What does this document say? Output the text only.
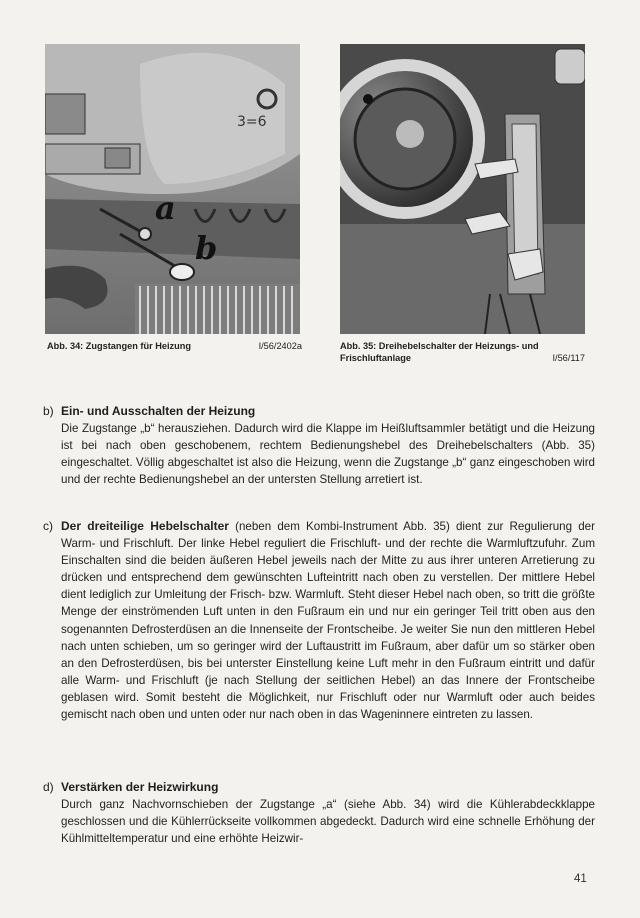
3=6
a
b
Abb. 34: Zugstangen für Heizung	I/56/2402a	Abb. 35: Dreihebelschalter der Heizungs- und Frischluftanlage	I/56/117
b) Ein- und Ausschalten der Heizung
Die Zugstange „b“ herausziehen. Dadurch wird die Klappe im Heißluftsammler betätigt und die Heizung ist bei nach oben geschobenem, rechtem Bedienungshebel des Dreihebelschalters (Abb. 35) eingeschaltet. Völlig abgeschaltet ist also die Heizung, wenn die Zugstange „b“ ganz eingeschoben wird und der rechte Bedienungshebel an der untersten Stellung arretiert ist.
c) Der dreiteilige Hebelschalter (neben dem Kombi-Instrument Abb. 35) dient zur Regulierung der Warm- und Frischluft. Der linke Hebel reguliert die Frischluft- und der rechte die Warmluftzufuhr. Zum Einschalten sind die beiden äußeren Hebel jeweils nach der Mitte zu aus ihrer unteren Arretierung zu drücken und entsprechend dem gewünschten Lufteintritt nach oben zu verstellen. Der mittlere Hebel dient lediglich zur Umleitung der Frisch- bzw. Warmluft. Steht dieser Hebel nach oben, so tritt die größte Menge der einströmenden Luft unten in den Fußraum ein und nur ein geringer Teil tritt oben aus den sogenannten Defrosterdüsen an die Innenseite der Frontscheibe. Je weiter Sie nun den mittleren Hebel nach unten schieben, um so geringer wird der Luftaustritt im Fußraum, aber dafür um so stärker oben an den Defrosterdüsen, bis bei unterster Einstellung keine Luft mehr in den Fußraum eintritt und dafür alle Warm- und Frischluft (je nach Stellung der seitlichen Hebel) an das Innere der Frontscheibe geblasen wird. Somit besteht die Möglichkeit, nur Frischluft oder nur Warmluft oder auch beides gemischt nach oben und unten oder nur nach oben in das Wageninnere eintreten zu lassen.
d) Verstärken der Heizwirkung
Durch ganz Nachvornschieben der Zugstange „a“ (siehe Abb. 34) wird die Kühlerabdeckklappe geschlossen und die Kühlerrückseite vollkommen abgedeckt. Dadurch wird eine schnelle Erhöhung der Kühlmitteltemperatur und eine erhöhte Heizwir-
41
